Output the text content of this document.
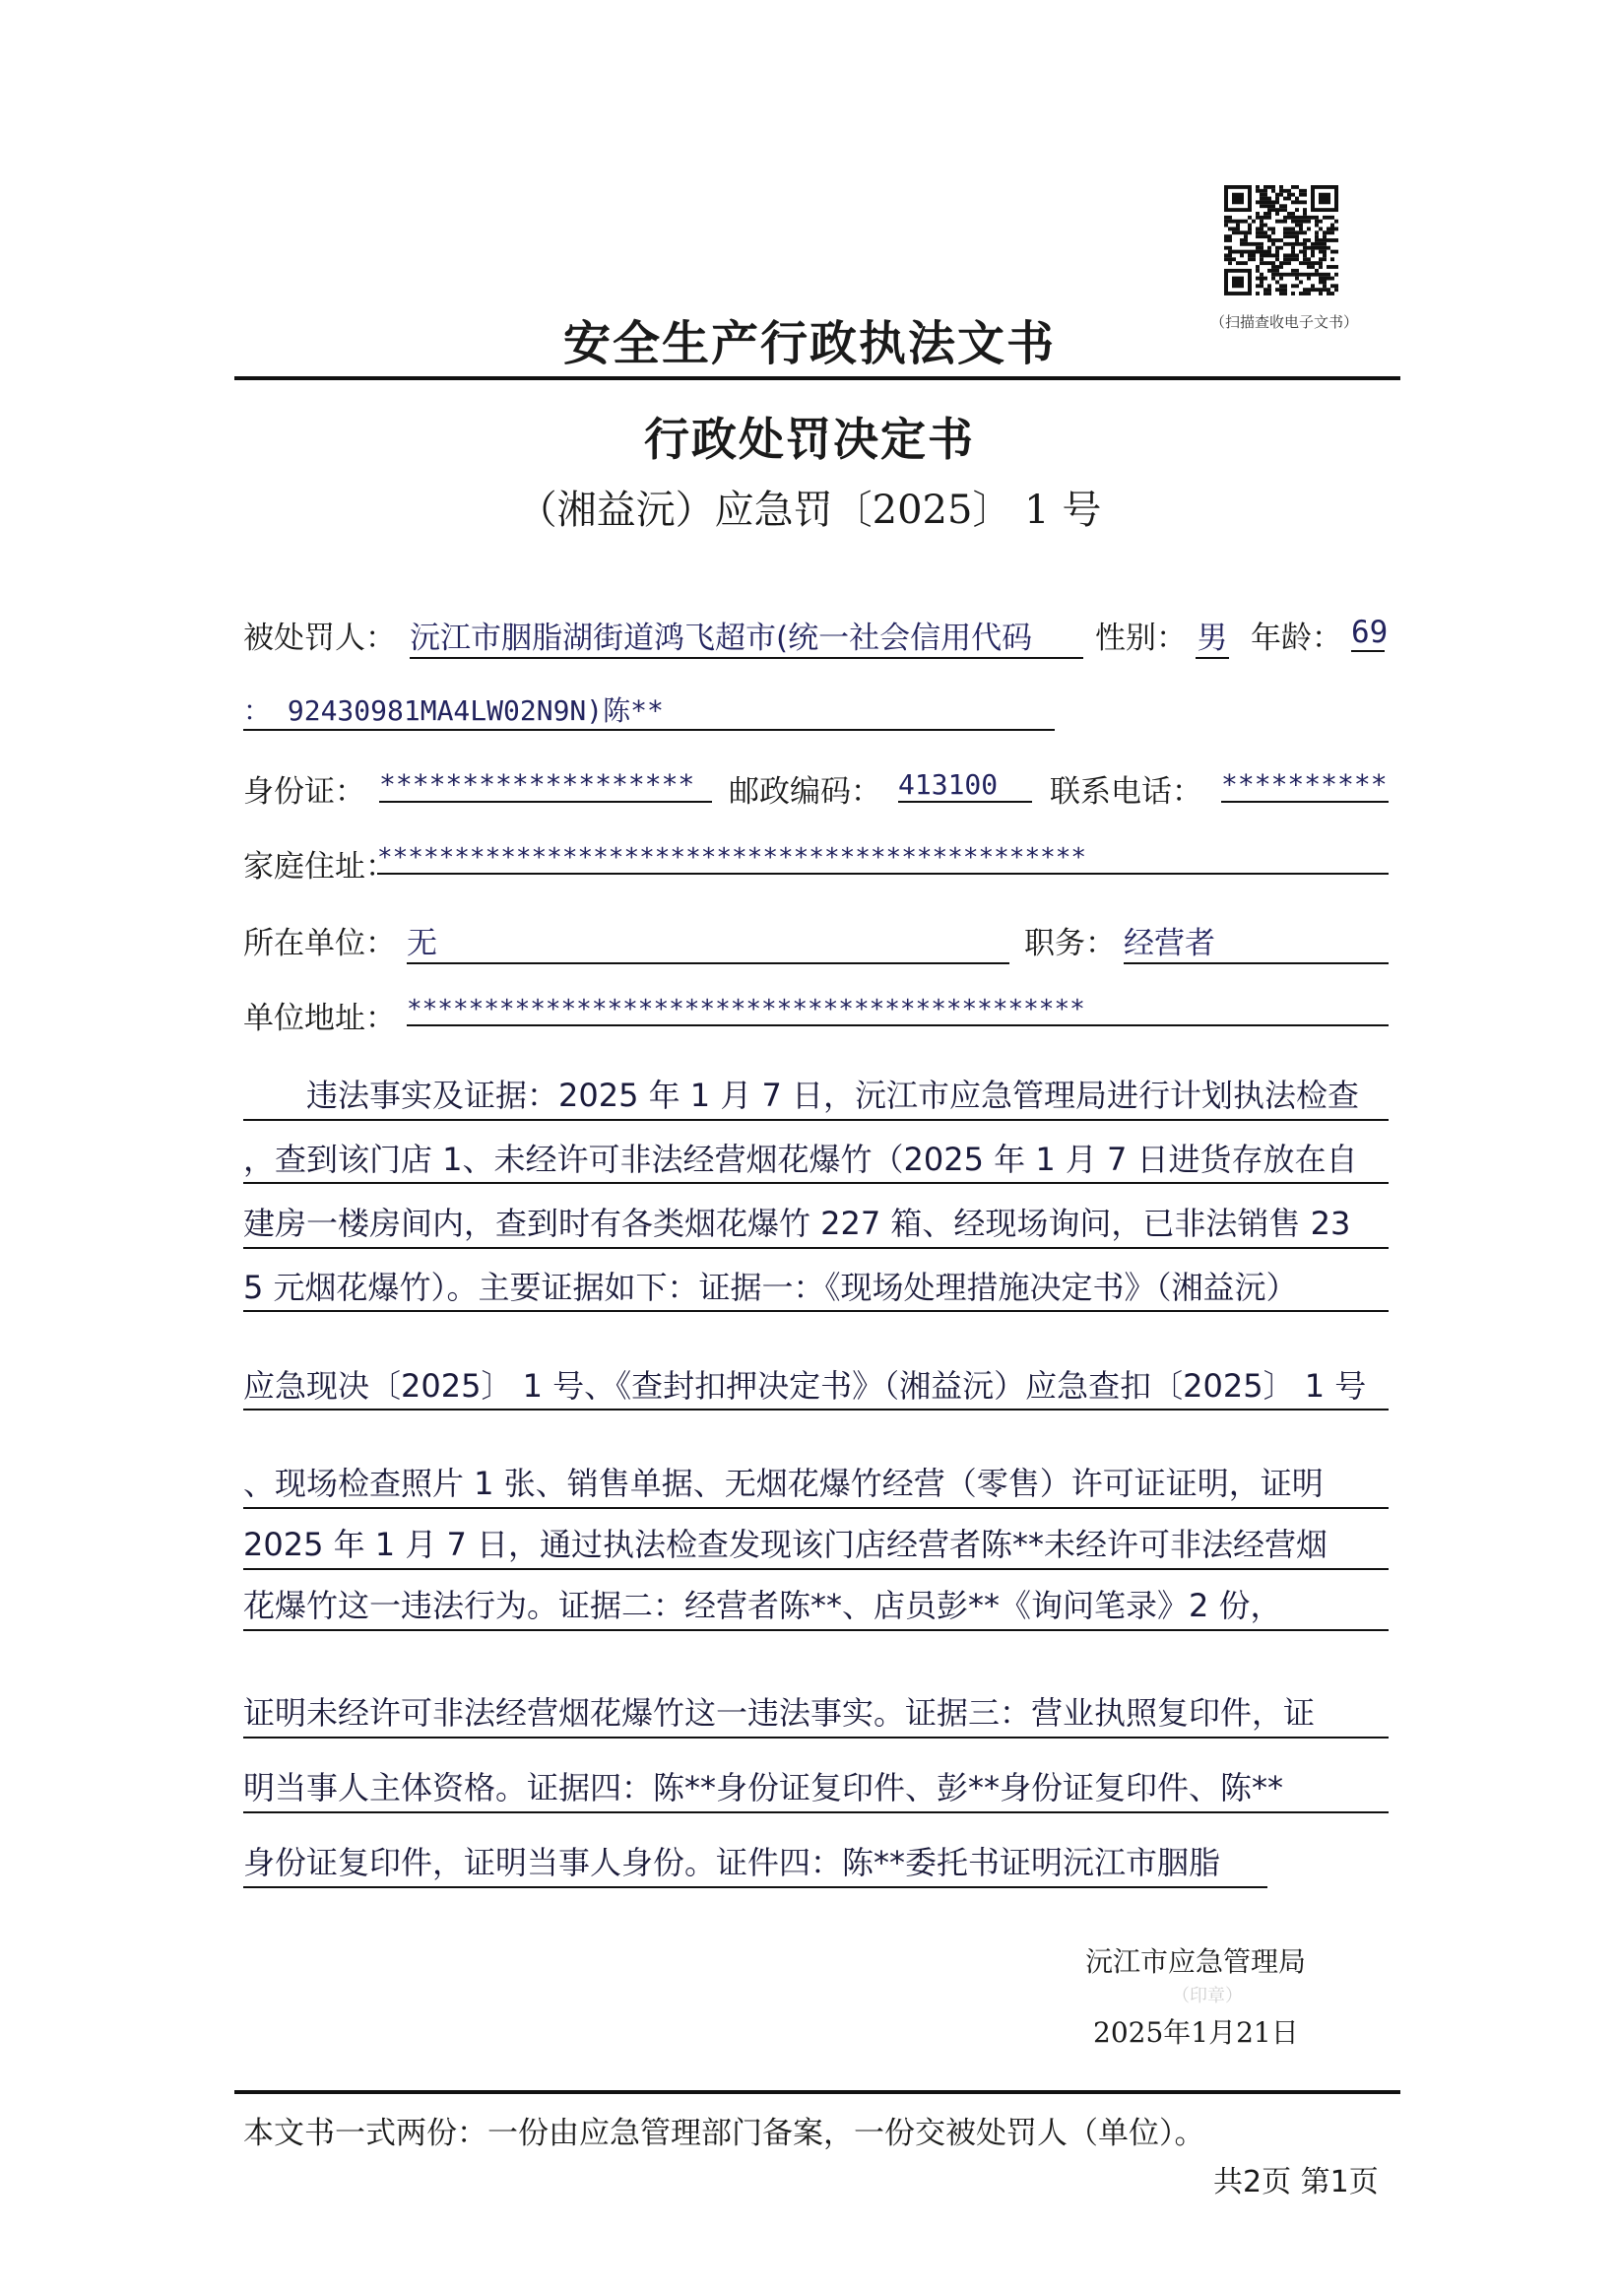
（扫描查收电子文书）
安全生产行政执法文书
行政处罚决定书
（湘益沅）应急罚〔2025〕 1 号
被处罚人： 沅江市胭脂湖街道鸿飞超市(统一社会信用代码	性别： 男 年龄： 69
： 92430981MA4LW02N9N)陈**
身份证： *******************	邮政编码： 413100	联系电话： **********
家庭住址：
**********************************************
所在单位： 无	职务： 经营者
单位地址： ********************************************
违法事实及证据：2025 年 1 月 7 日，沅江市应急管理局进行计划执法检查
，查到该门店 1、未经许可非法经营烟花爆竹（2025 年 1 月 7 日进货存放在自
建房一楼房间内，查到时有各类烟花爆竹 227 箱、经现场询问，已非法销售 23
5 元烟花爆竹）。主要证据如下：证据一：《现场处理措施决定书》（湘益沅）
应急现决〔2025〕 1 号、《查封扣押决定书》（湘益沅）应急查扣〔2025〕 1 号
、现场检查照片 1 张、销售单据、无烟花爆竹经营（零售）许可证证明，证明
2025 年 1 月 7 日，通过执法检查发现该门店经营者陈**未经许可非法经营烟
花爆竹这一违法行为。证据二：经营者陈**、店员彭**《询问笔录》2 份，
证明未经许可非法经营烟花爆竹这一违法事实。证据三：营业执照复印件，证
明当事人主体资格。证据四：陈**身份证复印件、彭**身份证复印件、陈**
身份证复印件，证明当事人身份。证件四：陈**委托书证明沅江市胭脂
沅江市应急管理局
（印章）
2025年1月21日
本文书一式两份：一份由应急管理部门备案，一份交被处罚人（单位）。
共2页 第1页
